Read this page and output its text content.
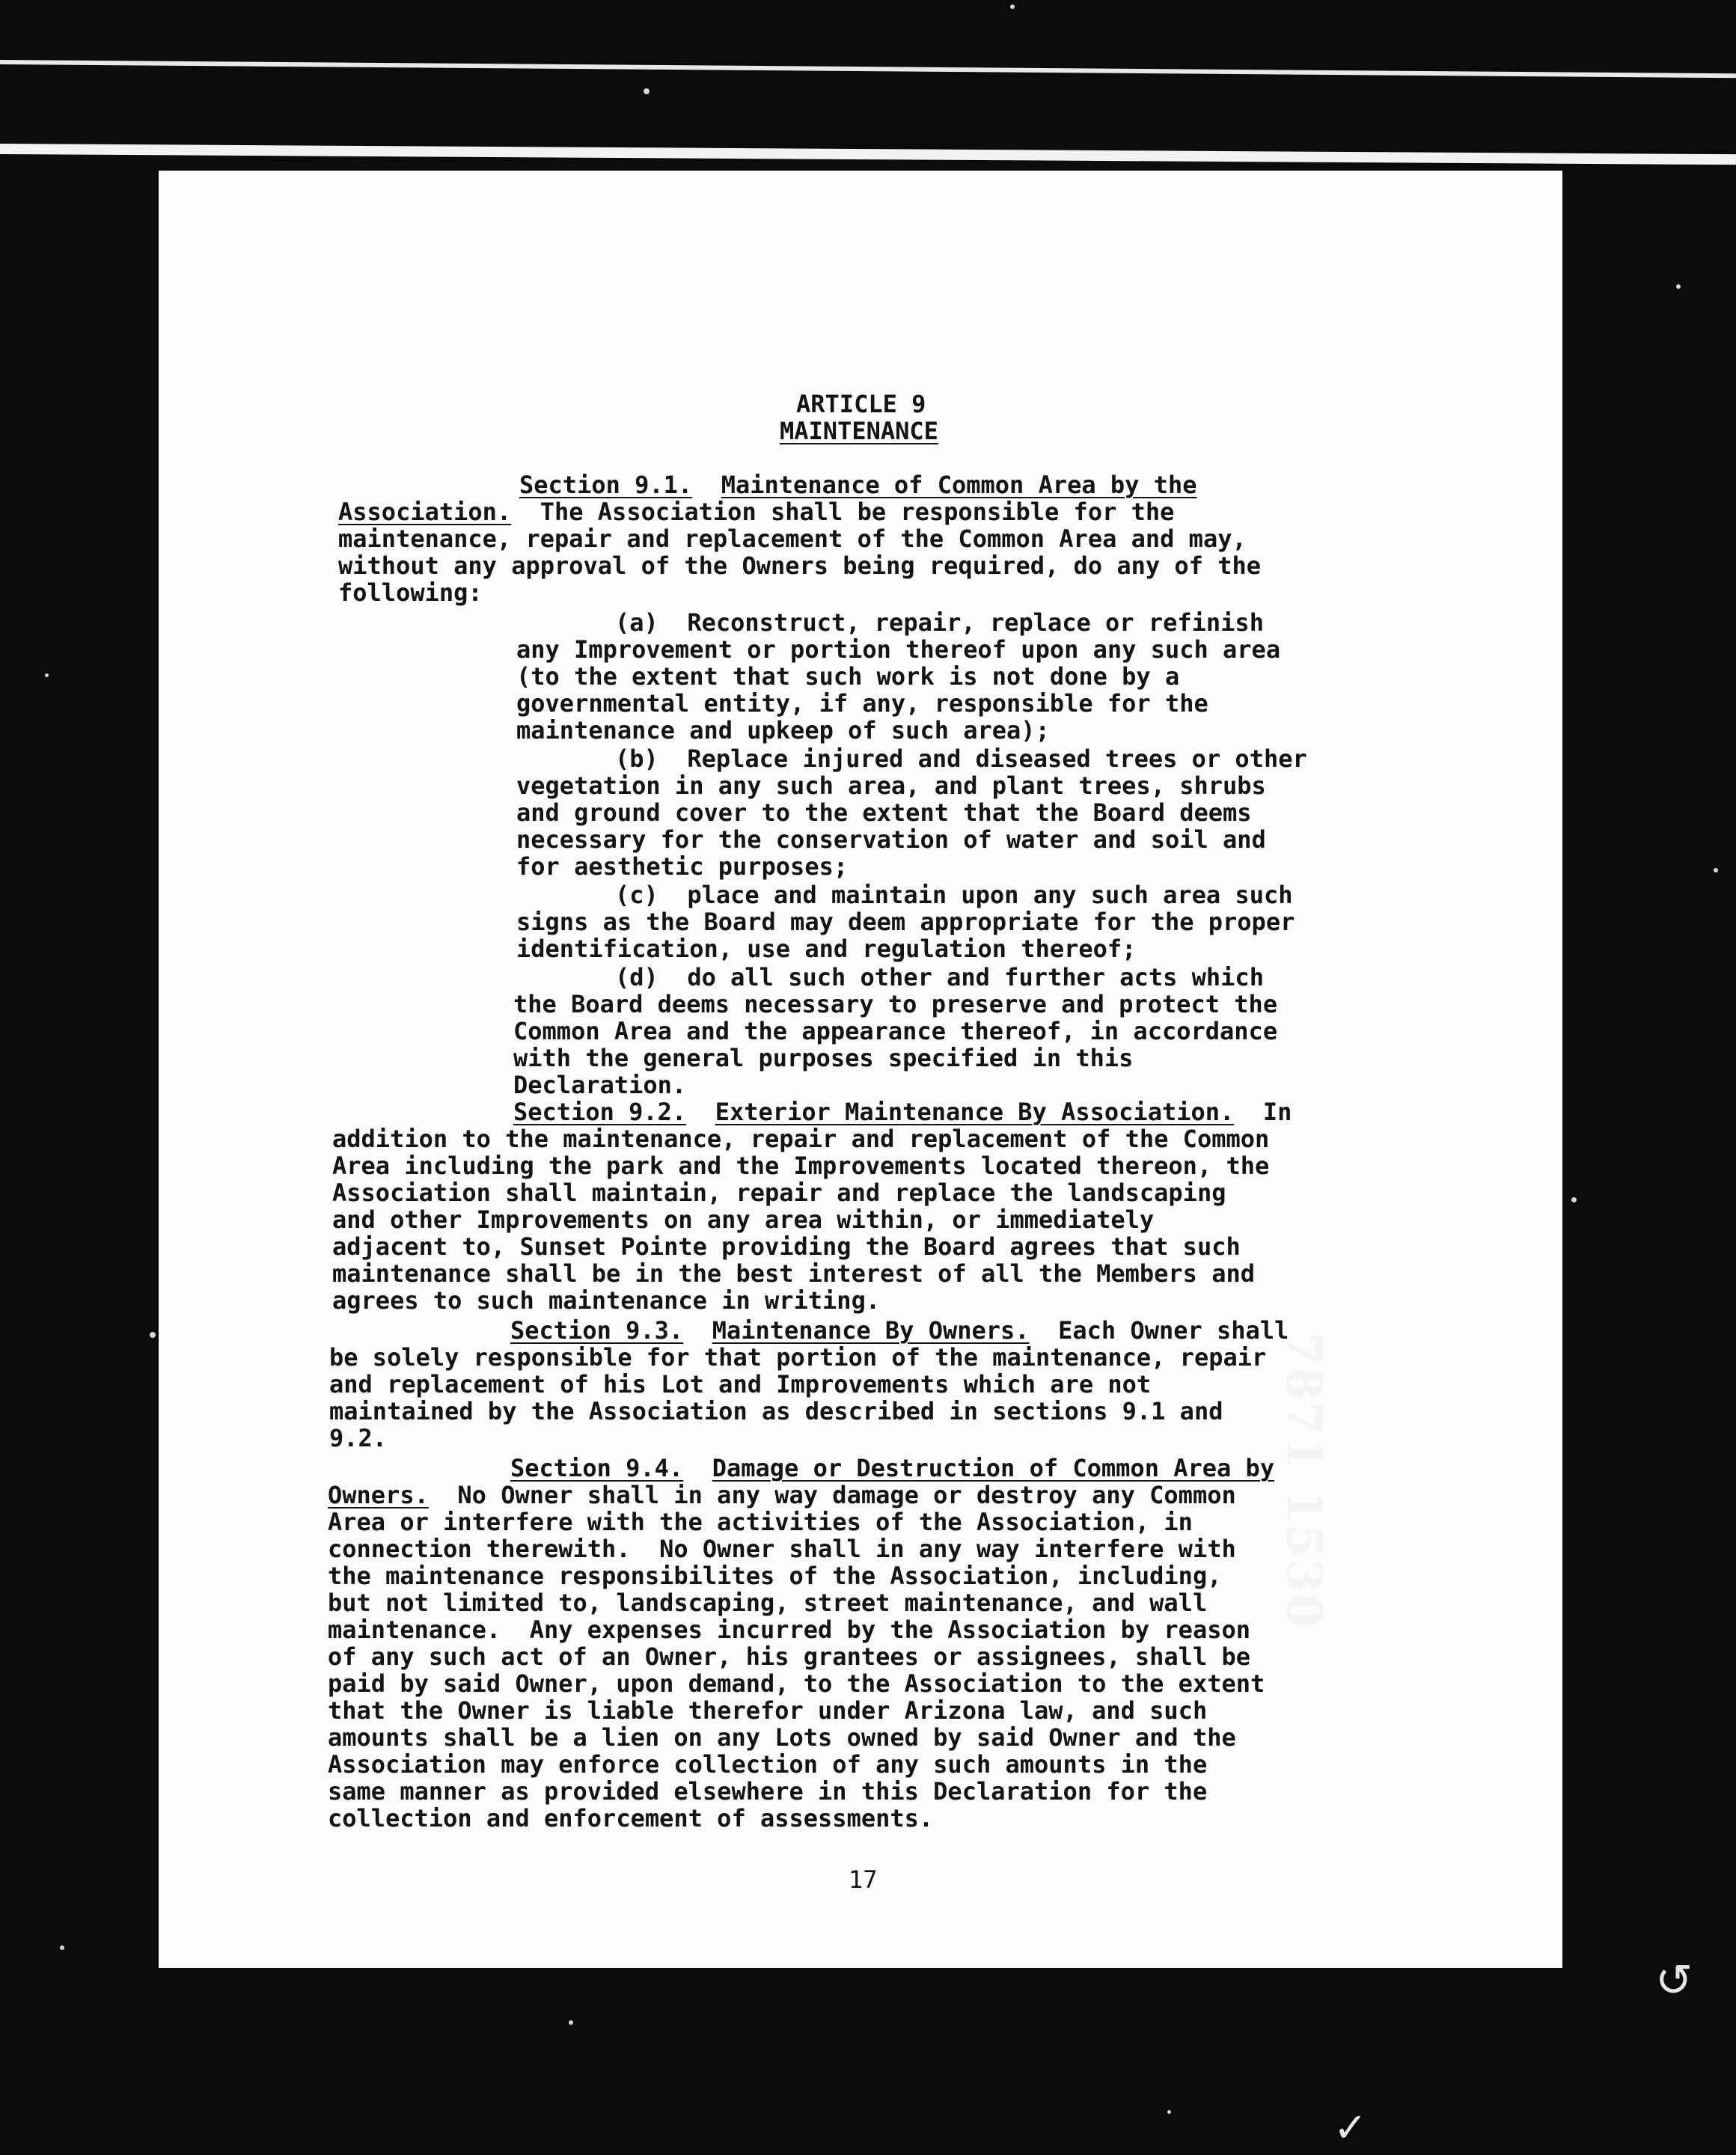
ARTICLE 9
MAINTENANCE
Section 9.1. Maintenance of Common Area by the
Association. The Association shall be responsible for the
maintenance, repair and replacement of the Common Area and may,
without any approval of the Owners being required, do any of the
following:
(a)  Reconstruct, repair, replace or refinish
any Improvement or portion thereof upon any such area
(to the extent that such work is not done by a
governmental entity, if any, responsible for the
maintenance and upkeep of such area);
(b)  Replace injured and diseased trees or other
vegetation in any such area, and plant trees, shrubs
and ground cover to the extent that the Board deems
necessary for the conservation of water and soil and
for aesthetic purposes;
(c)  place and maintain upon any such area such
signs as the Board may deem appropriate for the proper
identification, use and regulation thereof;
(d)  do all such other and further acts which
the Board deems necessary to preserve and protect the
Common Area and the appearance thereof, in accordance
with the general purposes specified in this
Declaration.
Section 9.2. Exterior Maintenance By Association. In
addition to the maintenance, repair and replacement of the Common
Area including the park and the Improvements located thereon, the
Association shall maintain, repair and replace the landscaping
and other Improvements on any area within, or immediately
adjacent to, Sunset Pointe providing the Board agrees that such
maintenance shall be in the best interest of all the Members and
agrees to such maintenance in writing.
Section 9.3. Maintenance By Owners. Each Owner shall
be solely responsible for that portion of the maintenance, repair
and replacement of his Lot and Improvements which are not
maintained by the Association as described in sections 9.1 and
9.2.
Section 9.4. Damage or Destruction of Common Area by
Owners. No Owner shall in any way damage or destroy any Common
Area or interfere with the activities of the Association, in
connection therewith.  No Owner shall in any way interfere with
the maintenance responsibilites of the Association, including,
but not limited to, landscaping, street maintenance, and wall
maintenance.  Any expenses incurred by the Association by reason
of any such act of an Owner, his grantees or assignees, shall be
paid by said Owner, upon demand, to the Association to the extent
that the Owner is liable therefor under Arizona law, and such
amounts shall be a lien on any Lots owned by said Owner and the
Association may enforce collection of any such amounts in the
same manner as provided elsewhere in this Declaration for the
collection and enforcement of assessments.
17
7871 1530
↺
✓
